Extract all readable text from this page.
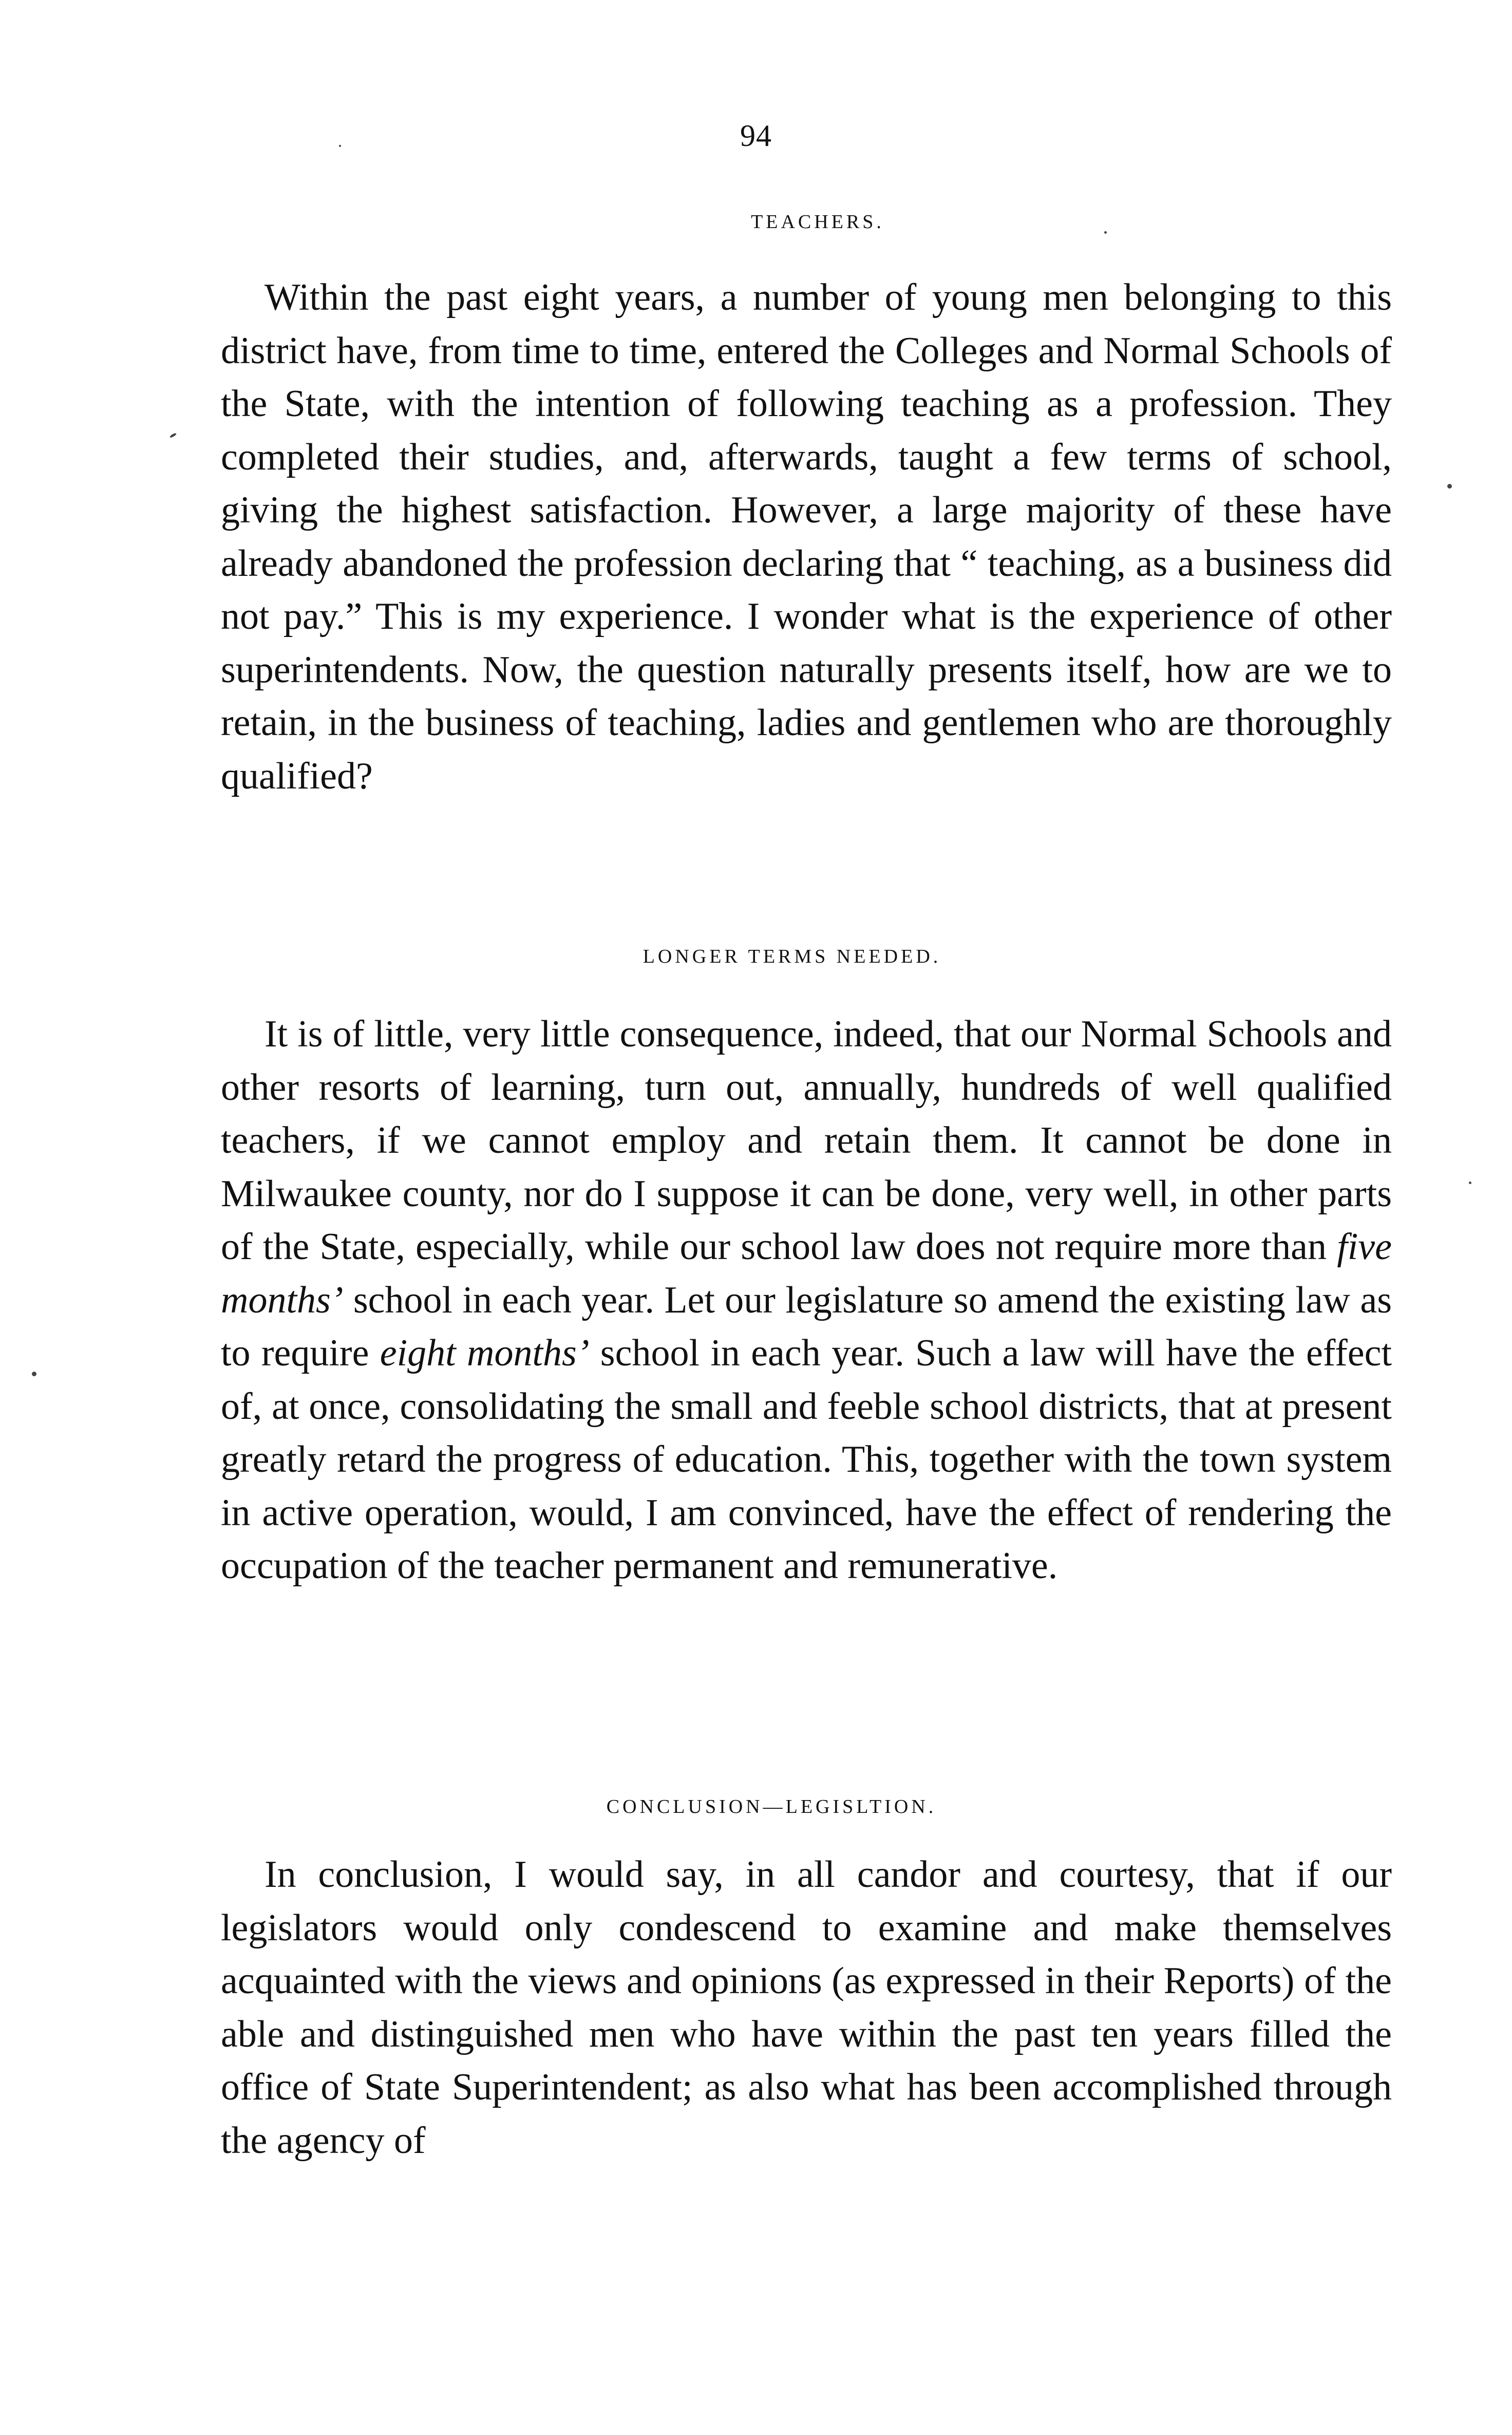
94
TEACHERS.
Within the past eight years, a number of young men belonging to this district have, from time to time, entered the Colleges and Normal Schools of the State, with the intention of following teaching as a profession. They completed their studies, and, afterwards, taught a few terms of school, giving the highest satisfaction. However, a large majority of these have already abandoned the profession declaring that “ teaching, as a business did not pay.” This is my experience. I wonder what is the experience of other superintendents. Now, the question naturally presents itself, how are we to retain, in the business of teaching, ladies and gentlemen who are thoroughly qualified?
LONGER TERMS NEEDED.
It is of little, very little consequence, indeed, that our Normal Schools and other resorts of learning, turn out, annually, hundreds of well qualified teachers, if we cannot employ and retain them. It cannot be done in Milwaukee county, nor do I suppose it can be done, very well, in other parts of the State, especially, while our school law does not require more than five months’ school in each year. Let our legislature so amend the existing law as to require eight months’ school in each year. Such a law will have the effect of, at once, consolidating the small and feeble school districts, that at present greatly retard the progress of education. This, together with the town system in active operation, would, I am convinced, have the effect of rendering the occupation of the teacher permanent and remunerative.
CONCLUSION—LEGISLTION.
In conclusion, I would say, in all candor and courtesy, that if our legislators would only condescend to examine and make themselves acquainted with the views and opinions (as expressed in their Reports) of the able and distinguished men who have within the past ten years filled the office of State Superintendent; as also what has been accomplished through the agency of
